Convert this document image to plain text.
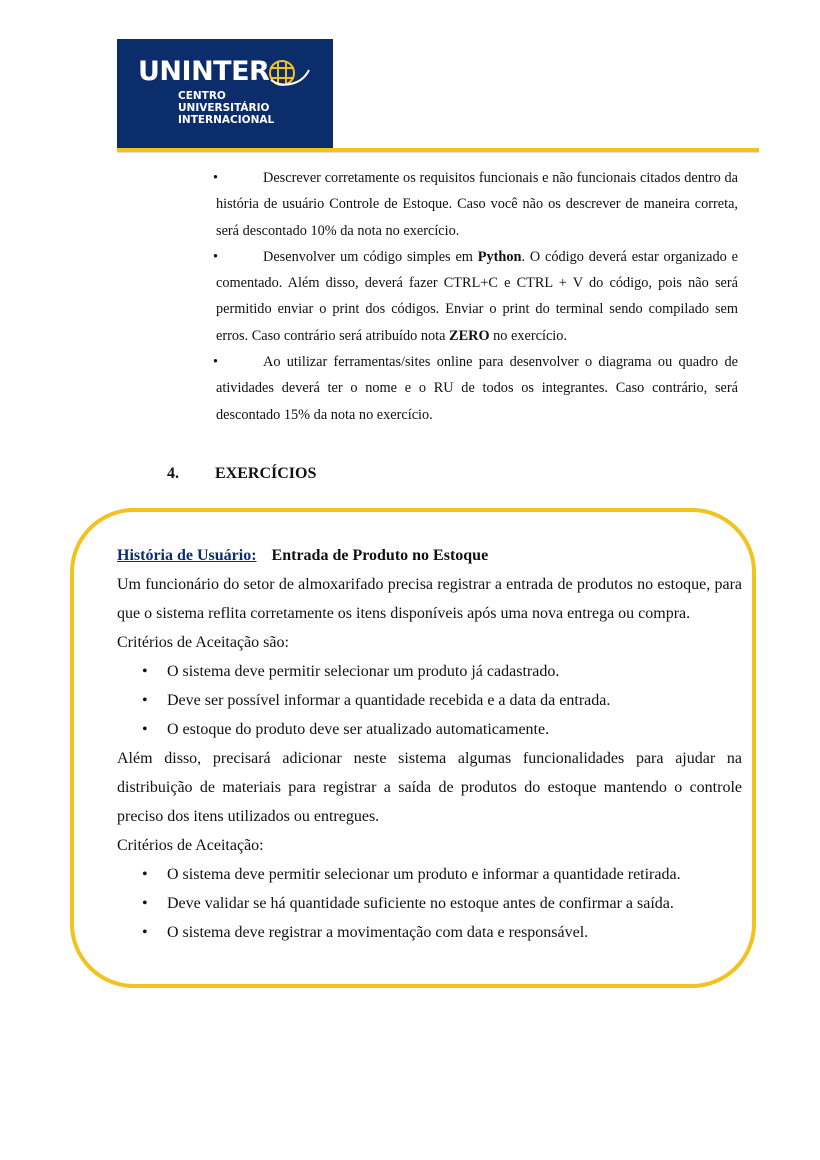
UNINTER
CENTRO
UNIVERSITÁRIO
INTERNACIONAL
•	Descrever corretamente os requisitos funcionais e não funcionais citados dentro da história de usuário Controle de Estoque. Caso você não os descrever de maneira correta, será descontado 10% da nota no exercício.
•	Desenvolver um código simples em Python. O código deverá estar organizado e comentado. Além disso, deverá fazer CTRL+C e CTRL + V do código, pois não será permitido enviar o print dos códigos. Enviar o print do terminal sendo compilado sem erros. Caso contrário será atribuído nota ZERO no exercício.
•	Ao utilizar ferramentas/sites online para desenvolver o diagrama ou quadro de atividades deverá ter o nome e o RU de todos os integrantes. Caso contrário, será descontado 15% da nota no exercício.
4. EXERCÍCIOS
História de Usuário: Entrada de Produto no Estoque

Um funcionário do setor de almoxarifado precisa registrar a entrada de produtos no estoque, para que o sistema reflita corretamente os itens disponíveis após uma nova entrega ou compra.

Critérios de Aceitação são:

• O sistema deve permitir selecionar um produto já cadastrado.
• Deve ser possível informar a quantidade recebida e a data da entrada.
• O estoque do produto deve ser atualizado automaticamente.

Além disso, precisará adicionar neste sistema algumas funcionalidades para ajudar na distribuição de materiais para registrar a saída de produtos do estoque mantendo o controle preciso dos itens utilizados ou entregues.

Critérios de Aceitação:

• O sistema deve permitir selecionar um produto e informar a quantidade retirada.
• Deve validar se há quantidade suficiente no estoque antes de confirmar a saída.
• O sistema deve registrar a movimentação com data e responsável.
